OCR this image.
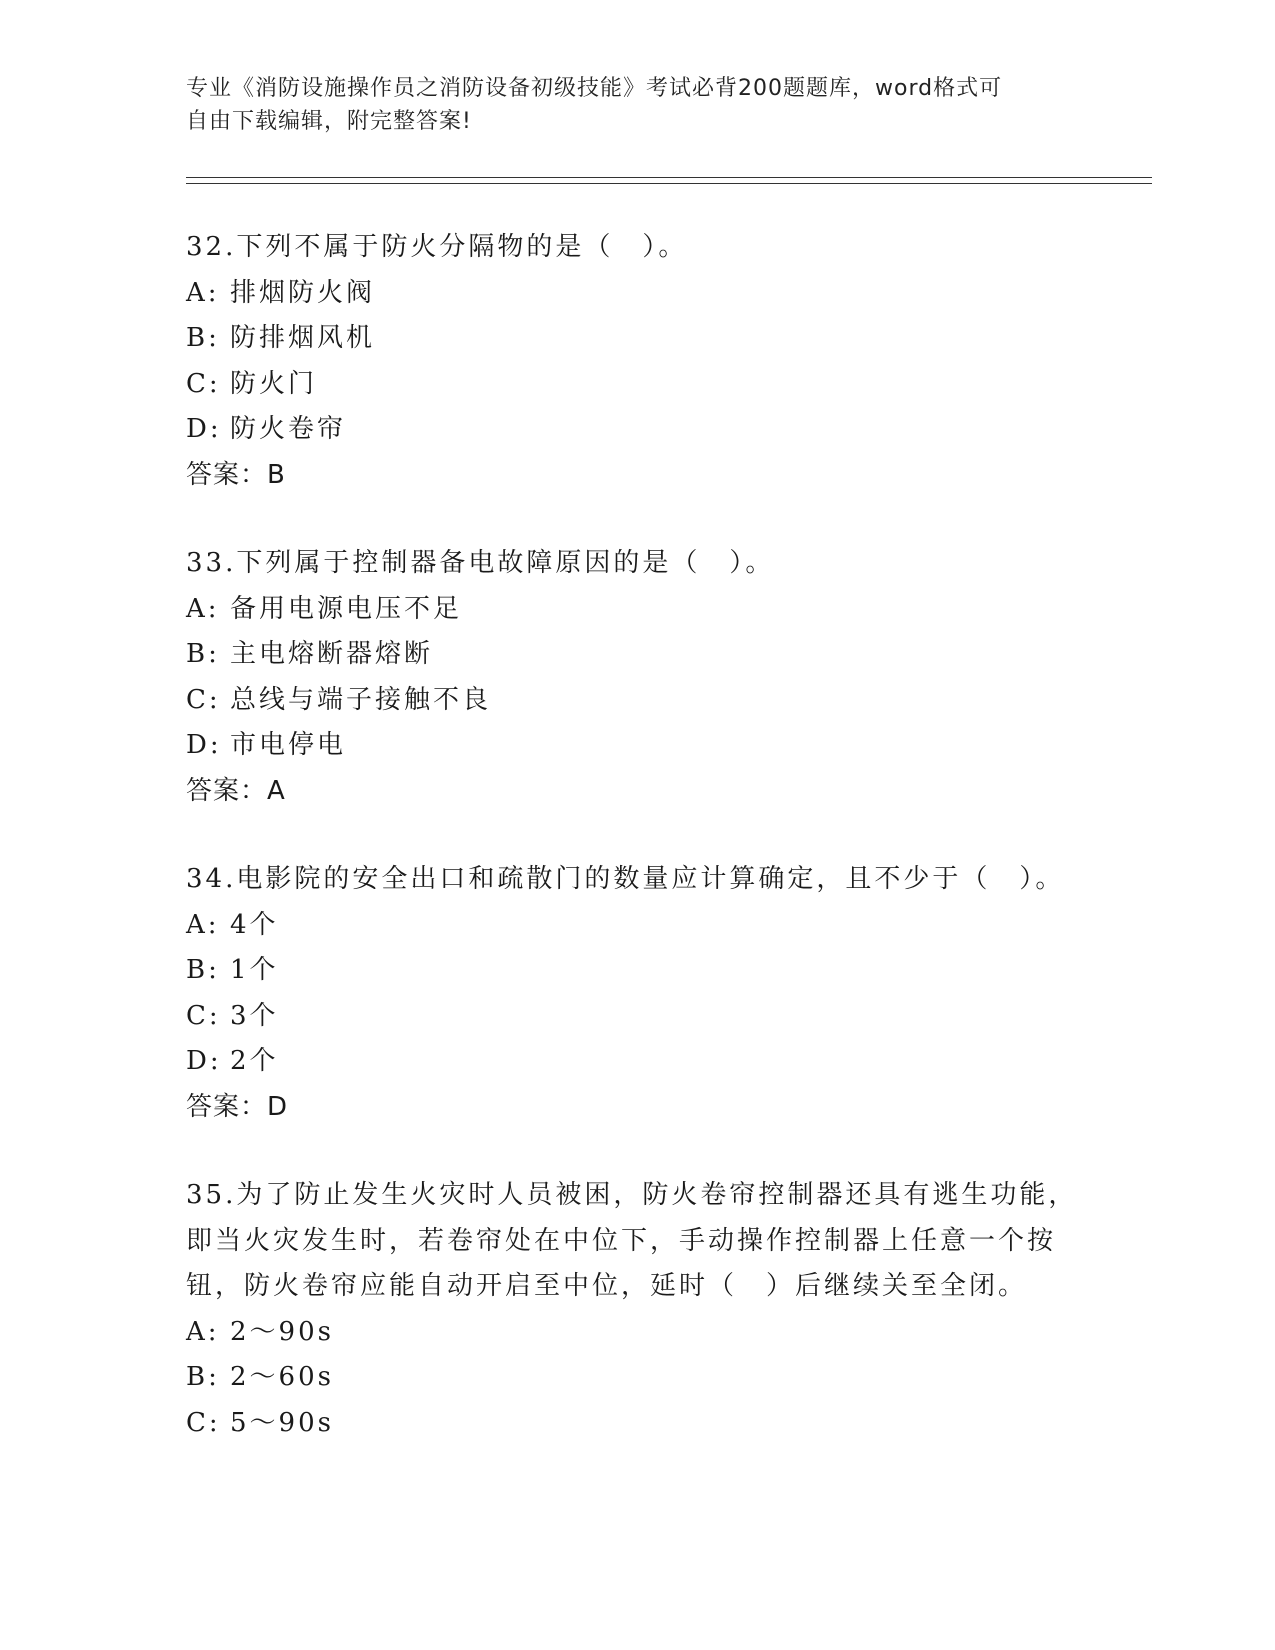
专业《消防设施操作员之消防设备初级技能》考试必背200题题库，word格式可
自由下载编辑，附完整答案!
32.下列不属于防火分隔物的是（　）。
A: 排烟防火阀
B: 防排烟风机
C: 防火门
D: 防火卷帘
答案：B
33.下列属于控制器备电故障原因的是（　）。
A: 备用电源电压不足
B: 主电熔断器熔断
C: 总线与端子接触不良
D: 市电停电
答案：A
34.电影院的安全出口和疏散门的数量应计算确定，且不少于（　）。
A: 4个
B: 1个
C: 3个
D: 2个
答案：D
35.为了防止发生火灾时人员被困，防火卷帘控制器还具有逃生功能，
即当火灾发生时，若卷帘处在中位下，手动操作控制器上任意一个按
钮，防火卷帘应能自动开启至中位，延时（　）后继续关至全闭。
A: 2～90s
B: 2～60s
C: 5～90s
